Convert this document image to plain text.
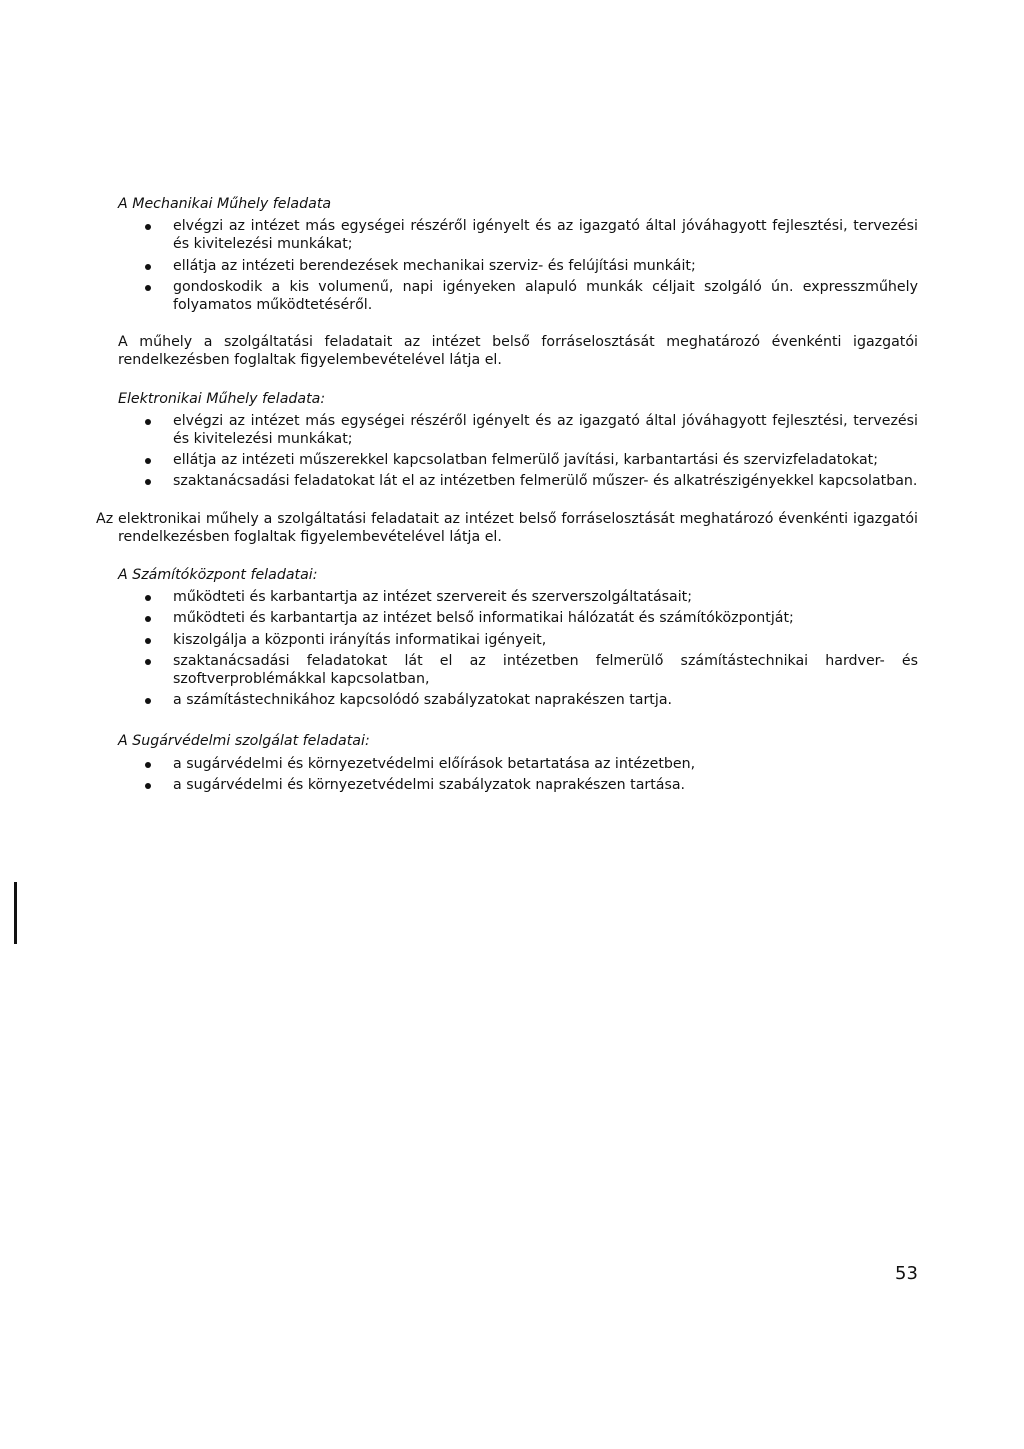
A Mechanikai Műhely feladata
elvégzi az intézet más egységei részéről igényelt és az igazgató által jóváhagyott fejlesztési, tervezési és kivitelezési munkákat;
ellátja az intézeti berendezések mechanikai szerviz- és felújítási munkáit;
gondoskodik a kis volumenű, napi igényeken alapuló munkák céljait szolgáló ún. expresszműhely folyamatos működtetéséről.

A műhely a szolgáltatási feladatait az intézet belső forráselosztását meghatározó évenkénti igazgatói rendelkezésben foglaltak figyelembevételével látja el.

Elektronikai Műhely feladata:
elvégzi az intézet más egységei részéről igényelt és az igazgató által jóváhagyott fejlesztési, tervezési és kivitelezési munkákat;
ellátja az intézeti műszerekkel kapcsolatban felmerülő javítási, karbantartási és szervizfeladatokat;
szaktanácsadási feladatokat lát el az intézetben felmerülő műszer- és alkatrészigényekkel kapcsolatban.

Az elektronikai műhely a szolgáltatási feladatait az intézet belső forráselosztását meghatározó évenkénti igazgatói rendelkezésben foglaltak figyelembevételével látja el.

A Számítóközpont feladatai:
működteti és karbantartja az intézet szervereit és szerverszolgáltatásait;
működteti és karbantartja az intézet belső informatikai hálózatát és számítóközpontját;
kiszolgálja a központi irányítás informatikai igényeit,
szaktanácsadási feladatokat lát el az intézetben felmerülő számítástechnikai hardver- és szoftverproblémákkal kapcsolatban,
a számítástechnikához kapcsolódó szabályzatokat naprakészen tartja.
A Sugárvédelmi szolgálat feladatai:
a sugárvédelmi és környezetvédelmi előírások betartatása az intézetben,
a sugárvédelmi és környezetvédelmi szabályzatok naprakészen tartása.
53
